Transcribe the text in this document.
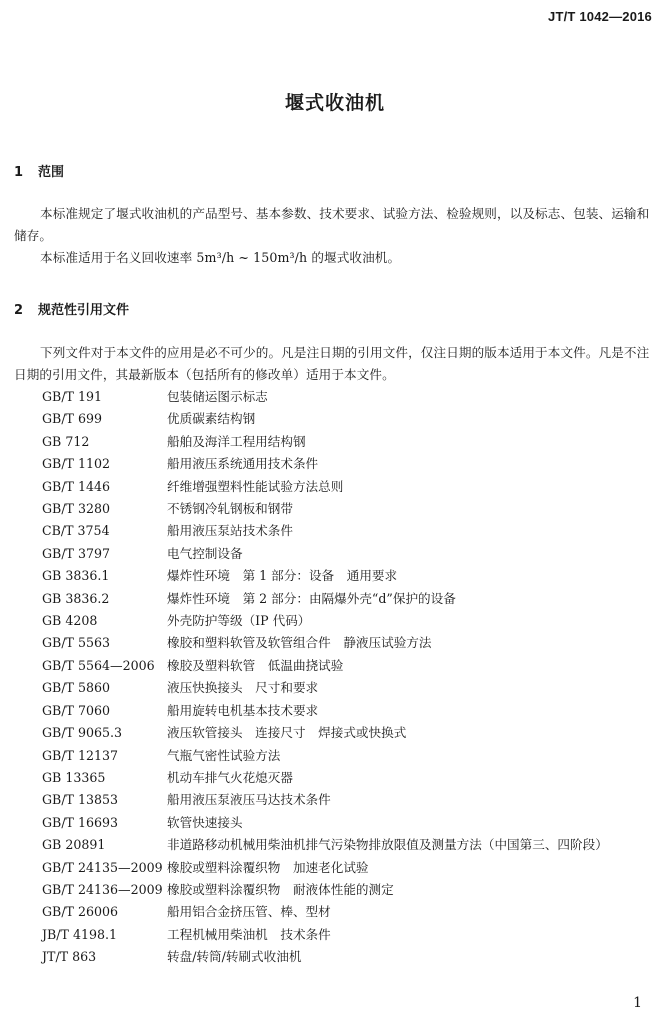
JT/T 1042—2016
堰式收油机
1 范围

本标准规定了堰式收油机的产品型号、基本参数、技术要求、试验方法、检验规则，以及标志、包装、运输和储存。

本标准适用于名义回收速率 5m³/h ~ 150m³/h 的堰式收油机。

2 规范性引用文件

下列文件对于本文件的应用是必不可少的。凡是注日期的引用文件，仅注日期的版本适用于本文件。凡是不注日期的引用文件，其最新版本（包括所有的修改单）适用于本文件。

GB/T 191	包装储运图示标志
GB/T 699	优质碳素结构钢
GB 712	船舶及海洋工程用结构钢
GB/T 1102	船用液压系统通用技术条件
GB/T 1446	纤维增强塑料性能试验方法总则
GB/T 3280	不锈钢冷轧钢板和钢带
CB/T 3754	船用液压泵站技术条件
GB/T 3797	电气控制设备
GB 3836.1	爆炸性环境　第 1 部分：设备　通用要求
GB 3836.2	爆炸性环境　第 2 部分：由隔爆外壳“d”保护的设备
GB 4208	外壳防护等级（IP 代码）
GB/T 5563	橡胶和塑料软管及软管组合件　静液压试验方法
GB/T 5564—2006 橡胶及塑料软管　低温曲挠试验
GB/T 5860	液压快换接头　尺寸和要求
GB/T 7060	船用旋转电机基本技术要求
GB/T 9065.3	液压软管接头　连接尺寸　焊接式或快换式
GB/T 12137	气瓶气密性试验方法
GB 13365	机动车排气火花熄灭器
GB/T 13853	船用液压泵液压马达技术条件
GB/T 16693	软管快速接头
GB 20891	非道路移动机械用柴油机排气污染物排放限值及测量方法（中国第三、四阶段）
GB/T 24135—2009 橡胶或塑料涂覆织物　加速老化试验
GB/T 24136—2009 橡胶或塑料涂覆织物　耐液体性能的测定
GB/T 26006	船用铝合金挤压管、棒、型材
JB/T 4198.1	工程机械用柴油机　技术条件
JT/T 863	转盘/转筒/转刷式收油机
1
